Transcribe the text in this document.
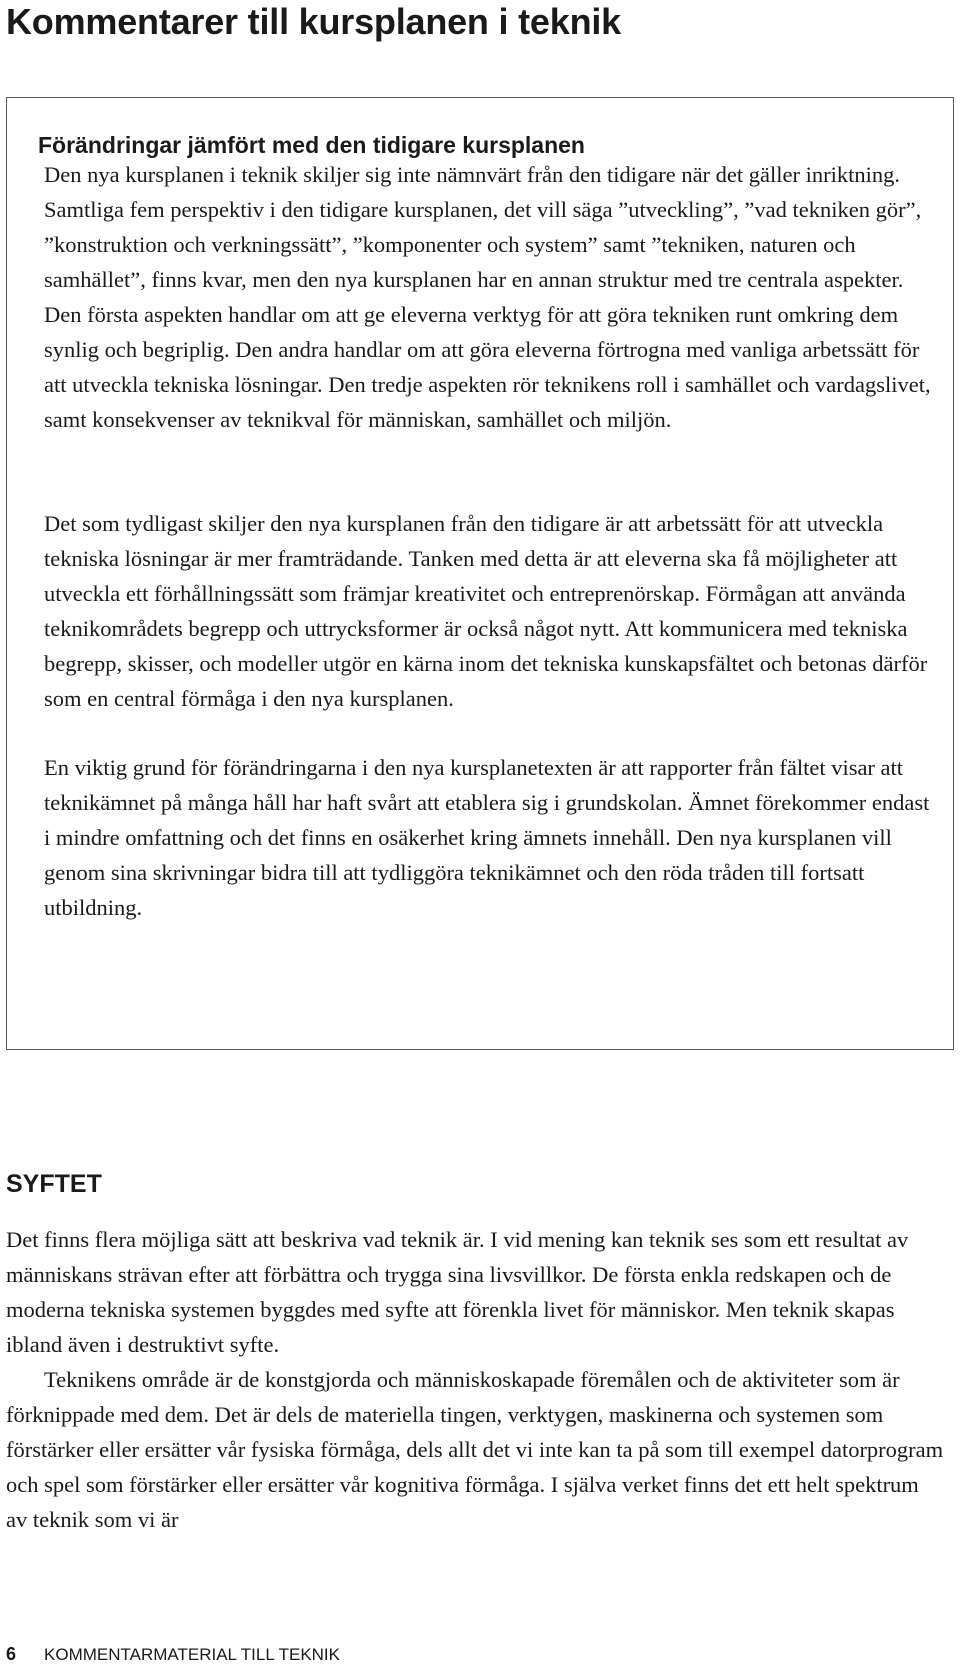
Kommentarer till kursplanen i teknik
Förändringar jämfört med den tidigare kursplanen

Den nya kursplanen i teknik skiljer sig inte nämnvärt från den tidigare när det gäller inriktning. Samtliga fem perspektiv i den tidigare kursplanen, det vill säga ”utveckling”, ”vad tekniken gör”, ”konstruktion och verkningssätt”, ”komponenter och system” samt ”tekniken, naturen och samhället”, finns kvar, men den nya kursplanen har en annan struktur med tre centrala aspekter. Den första aspekten handlar om att ge eleverna verktyg för att göra tekniken runt omkring dem synlig och begriplig. Den andra handlar om att göra eleverna förtrogna med vanliga arbetssätt för att utveckla tekniska lösningar. Den tredje aspekten rör teknikens roll i samhället och vardagslivet, samt konsekvenser av teknikval för människan, samhället och miljön.

Det som tydligast skiljer den nya kursplanen från den tidigare är att arbetssätt för att utveckla tekniska lösningar är mer framträdande. Tanken med detta är att eleverna ska få möjligheter att utveckla ett förhållningssätt som främjar kreativitet och entreprenörskap. Förmågan att använda teknikområdets begrepp och uttrycksformer är också något nytt. Att kommunicera med tekniska begrepp, skisser, och modeller utgör en kärna inom det tekniska kunskapsfältet och betonas därför som en central förmåga i den nya kursplanen.

En viktig grund för förändringarna i den nya kursplanetexten är att rapporter från fältet visar att teknikämnet på många håll har haft svårt att etablera sig i grundskolan. Ämnet förekommer endast i mindre omfattning och det finns en osäkerhet kring ämnets innehåll. Den nya kursplanen vill genom sina skrivningar bidra till att tydliggöra teknikämnet och den röda tråden till fortsatt utbildning.

SYFTET

Det finns flera möjliga sätt att beskriva vad teknik är. I vid mening kan teknik ses som ett resultat av människans strävan efter att förbättra och trygga sina livsvillkor. De första enkla redskapen och de moderna tekniska systemen byggdes med syfte att förenkla livet för människor. Men teknik skapas ibland även i destruktivt syfte.

Teknikens område är de konstgjorda och människoskapade föremålen och de aktiviteter som är förknippade med dem. Det är dels de materiella tingen, verktygen, maskinerna och systemen som förstärker eller ersätter vår fysiska förmåga, dels allt det vi inte kan ta på som till exempel datorprogram och spel som förstärker eller ersätter vår kognitiva förmåga. I själva verket finns det ett helt spektrum av teknik som vi är

6 KOMMENTARMATERIAL TILL TEKNIK
